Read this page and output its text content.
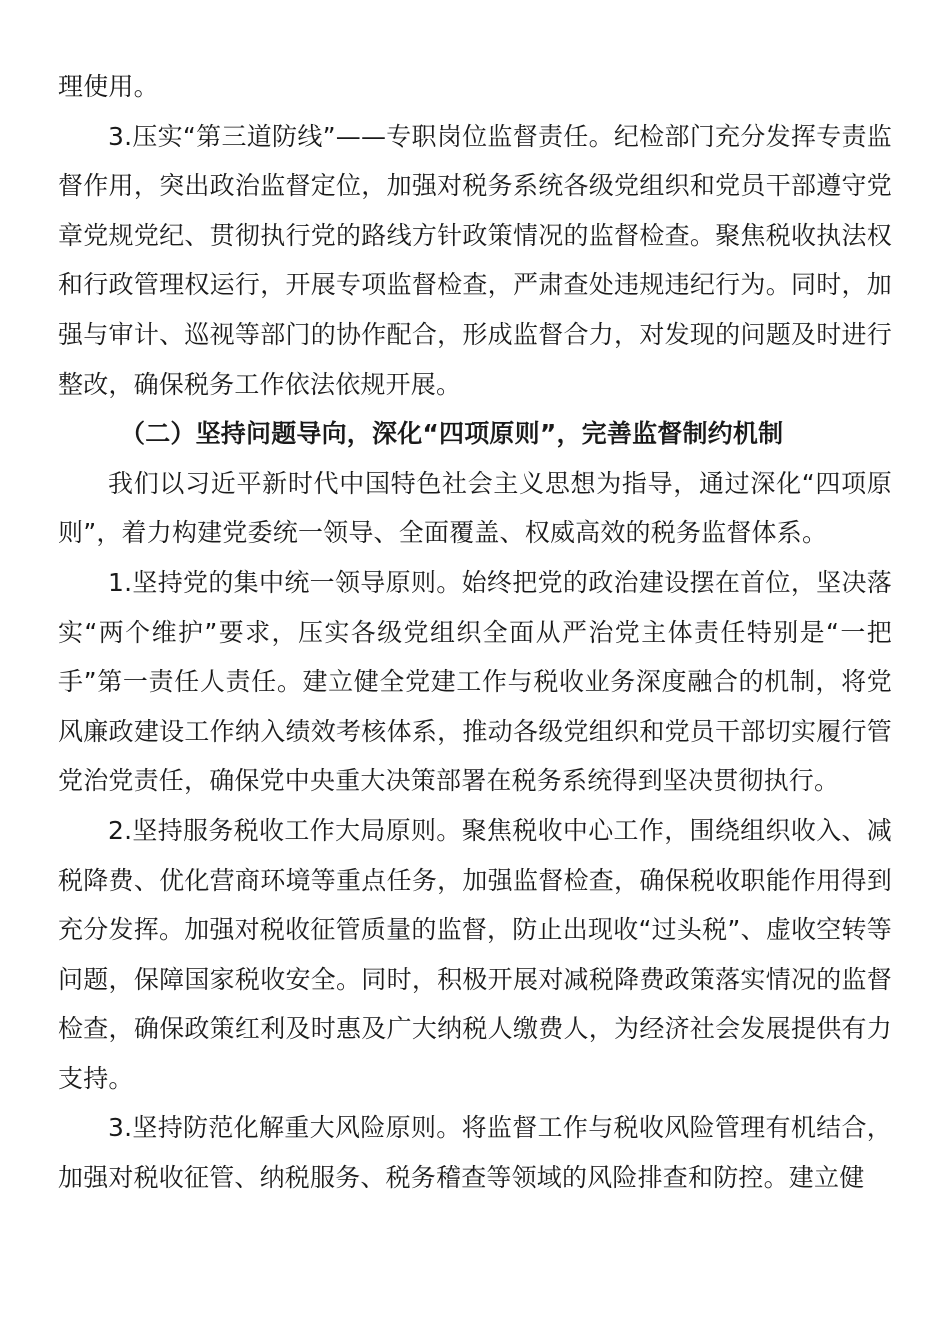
理使用。

3.压实“第三道防线”——专职岗位监督责任。纪检部门充分发挥专责监督作用，突出政治监督定位，加强对税务系统各级党组织和党员干部遵守党章党规党纪、贯彻执行党的路线方针政策情况的监督检查。聚焦税收执法权和行政管理权运行，开展专项监督检查，严肃查处违规违纪行为。同时，加强与审计、巡视等部门的协作配合，形成监督合力，对发现的问题及时进行整改，确保税务工作依法依规开展。

（二）坚持问题导向，深化“四项原则”，完善监督制约机制

我们以习近平新时代中国特色社会主义思想为指导，通过深化“四项原则”，着力构建党委统一领导、全面覆盖、权威高效的税务监督体系。

1.坚持党的集中统一领导原则。始终把党的政治建设摆在首位，坚决落实“两个维护”要求，压实各级党组织全面从严治党主体责任特别是“一把手”第一责任人责任。建立健全党建工作与税收业务深度融合的机制，将党风廉政建设工作纳入绩效考核体系，推动各级党组织和党员干部切实履行管党治党责任，确保党中央重大决策部署在税务系统得到坚决贯彻执行。

2.坚持服务税收工作大局原则。聚焦税收中心工作，围绕组织收入、减税降费、优化营商环境等重点任务，加强监督检查，确保税收职能作用得到充分发挥。加强对税收征管质量的监督，防止出现收“过头税”、虚收空转等问题，保障国家税收安全。同时，积极开展对减税降费政策落实情况的监督检查，确保政策红利及时惠及广大纳税人缴费人，为经济社会发展提供有力支持。

3.坚持防范化解重大风险原则。将监督工作与税收风险管理有机结合，加强对税收征管、纳税服务、税务稽查等领域的风险排查和防控。建立健
